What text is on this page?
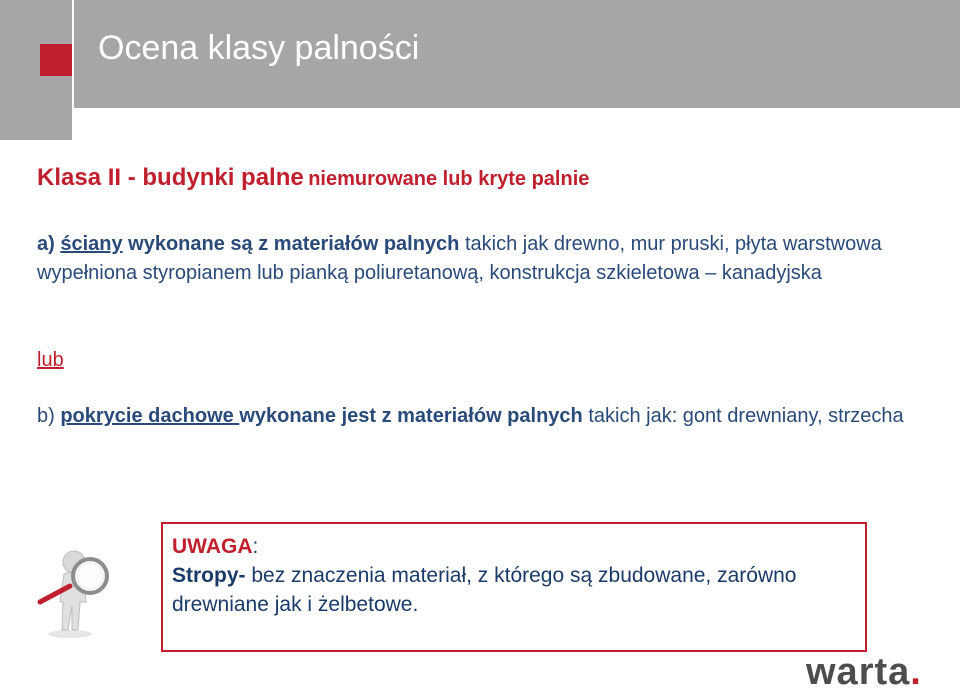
Ocena klasy palności
Klasa II - budynki palne niemurowane lub kryte palnie
a) ściany wykonane są z materiałów palnych takich jak drewno, mur pruski, płyta warstwowa wypełniona styropianem lub pianką poliuretanową, konstrukcja szkieletowa – kanadyjska
lub
b) pokrycie dachowe wykonane jest z materiałów palnych takich jak: gont drewniany, strzecha
UWAGA:
Stropy- bez znaczenia materiał, z którego są zbudowane, zarówno drewniane jak i żelbetowe.
warta.
